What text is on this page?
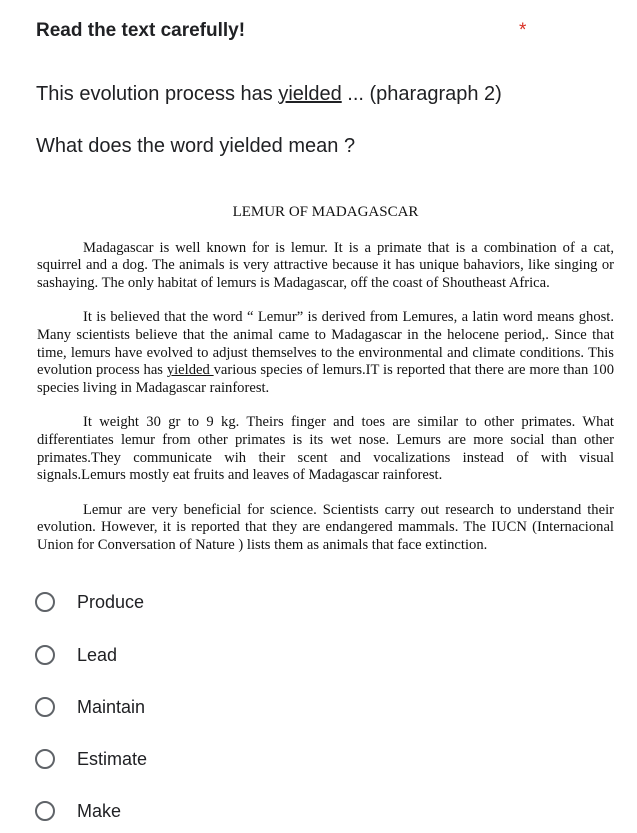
Read the text carefully!	*
This evolution process has yielded ... (pharagraph 2)
What does the word yielded mean ?
LEMUR OF MADAGASCAR

Madagascar is well known for is lemur. It is a primate that is a combination of a cat, squirrel and a dog. The animals is very attractive because it has unique bahaviors, like singing or sashaying. The only habitat of lemurs is Madagascar, off the coast of Shoutheast Africa.

It is believed that the word “ Lemur” is derived from Lemures, a latin word means ghost. Many scientists believe that the animal came to Madagascar in the helocene period,. Since that time, lemurs have evolved to adjust themselves to the environmental and climate conditions. This evolution process has yielded various species of lemurs.IT is reported that there are more than 100 species living in Madagascar rainforest.

It weight 30 gr to 9 kg. Theirs finger and toes are similar to other primates. What differentiates lemur from other primates is its wet nose. Lemurs are more social than other primates.They communicate wih their scent and vocalizations instead of with visual signals.Lemurs mostly eat fruits and leaves of Madagascar rainforest.

Lemur are very beneficial for science. Scientists carry out research to understand their evolution. However, it is reported that they are endangered mammals. The IUCN (Internacional Union for Conversation of Nature ) lists them as animals that face extinction.

Produce
Lead
Maintain
Estimate
Make
